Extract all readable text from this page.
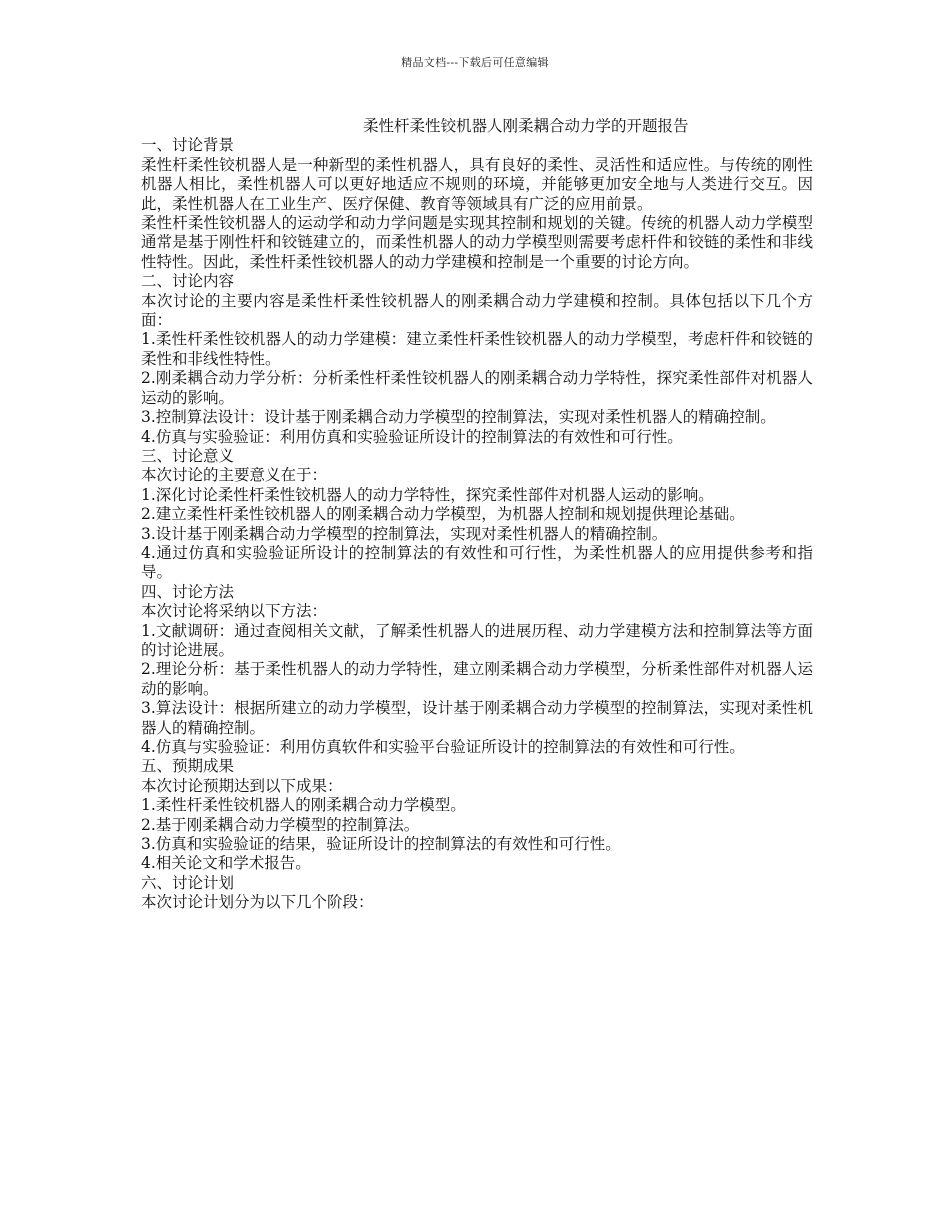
精品文档---下载后可任意编辑
柔性杆柔性铰机器人刚柔耦合动力学的开题报告
一、讨论背景

柔性杆柔性铰机器人是一种新型的柔性机器人，具有良好的柔性、灵活性和适应性。与传统的刚性机器人相比，柔性机器人可以更好地适应不规则的环境，并能够更加安全地与人类进行交互。因此，柔性机器人在工业生产、医疗保健、教育等领域具有广泛的应用前景。

柔性杆柔性铰机器人的运动学和动力学问题是实现其控制和规划的关键。传统的机器人动力学模型通常是基于刚性杆和铰链建立的，而柔性机器人的动力学模型则需要考虑杆件和铰链的柔性和非线性特性。因此，柔性杆柔性铰机器人的动力学建模和控制是一个重要的讨论方向。

二、讨论内容

本次讨论的主要内容是柔性杆柔性铰机器人的刚柔耦合动力学建模和控制。具体包括以下几个方面：

1.柔性杆柔性铰机器人的动力学建模：建立柔性杆柔性铰机器人的动力学模型，考虑杆件和铰链的柔性和非线性特性。

2.刚柔耦合动力学分析：分析柔性杆柔性铰机器人的刚柔耦合动力学特性，探究柔性部件对机器人运动的影响。

3.控制算法设计：设计基于刚柔耦合动力学模型的控制算法，实现对柔性机器人的精确控制。

4.仿真与实验验证：利用仿真和实验验证所设计的控制算法的有效性和可行性。

三、讨论意义

本次讨论的主要意义在于：

1.深化讨论柔性杆柔性铰机器人的动力学特性，探究柔性部件对机器人运动的影响。

2.建立柔性杆柔性铰机器人的刚柔耦合动力学模型，为机器人控制和规划提供理论基础。

3.设计基于刚柔耦合动力学模型的控制算法，实现对柔性机器人的精确控制。

4.通过仿真和实验验证所设计的控制算法的有效性和可行性，为柔性机器人的应用提供参考和指导。

四、讨论方法

本次讨论将采纳以下方法：

1.文献调研：通过查阅相关文献，了解柔性机器人的进展历程、动力学建模方法和控制算法等方面的讨论进展。

2.理论分析：基于柔性机器人的动力学特性，建立刚柔耦合动力学模型，分析柔性部件对机器人运动的影响。

3.算法设计：根据所建立的动力学模型，设计基于刚柔耦合动力学模型的控制算法，实现对柔性机器人的精确控制。

4.仿真与实验验证：利用仿真软件和实验平台验证所设计的控制算法的有效性和可行性。

五、预期成果

本次讨论预期达到以下成果：

1.柔性杆柔性铰机器人的刚柔耦合动力学模型。

2.基于刚柔耦合动力学模型的控制算法。

3.仿真和实验验证的结果，验证所设计的控制算法的有效性和可行性。

4.相关论文和学术报告。

六、讨论计划

本次讨论计划分为以下几个阶段：
